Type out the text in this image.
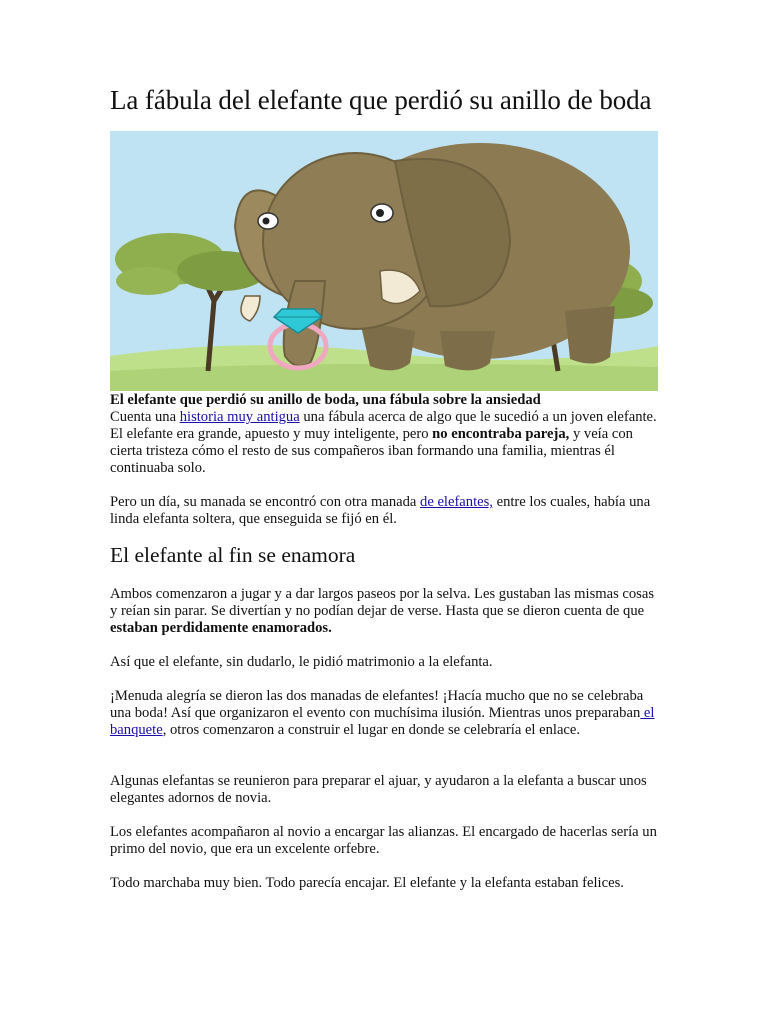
La fábula del elefante que perdió su anillo de boda

El elefante que perdió su anillo de boda, una fábula sobre la ansiedad

Cuenta una historia muy antigua una fábula acerca de algo que le sucedió a un joven elefante. El elefante era grande, apuesto y muy inteligente, pero no encontraba pareja, y veía con cierta tristeza cómo el resto de sus compañeros iban formando una familia, mientras él continuaba solo.

Pero un día, su manada se encontró con otra manada de elefantes, entre los cuales, había una linda elefanta soltera, que enseguida se fijó en él.

El elefante al fin se enamora

Ambos comenzaron a jugar y a dar largos paseos por la selva. Les gustaban las mismas cosas y reían sin parar. Se divertían y no podían dejar de verse. Hasta que se dieron cuenta de que estaban perdidamente enamorados.

Así que el elefante, sin dudarlo, le pidió matrimonio a la elefanta.

¡Menuda alegría se dieron las dos manadas de elefantes! ¡Hacía mucho que no se celebraba una boda! Así que organizaron el evento con muchísima ilusión. Mientras unos preparaban el banquete, otros comenzaron a construir el lugar en donde se celebraría el enlace.

Algunas elefantas se reunieron para preparar el ajuar, y ayudaron a la elefanta a buscar unos elegantes adornos de novia.

Los elefantes acompañaron al novio a encargar las alianzas. El encargado de hacerlas sería un primo del novio, que era un excelente orfebre.

Todo marchaba muy bien. Todo parecía encajar. El elefante y la elefanta estaban felices.
